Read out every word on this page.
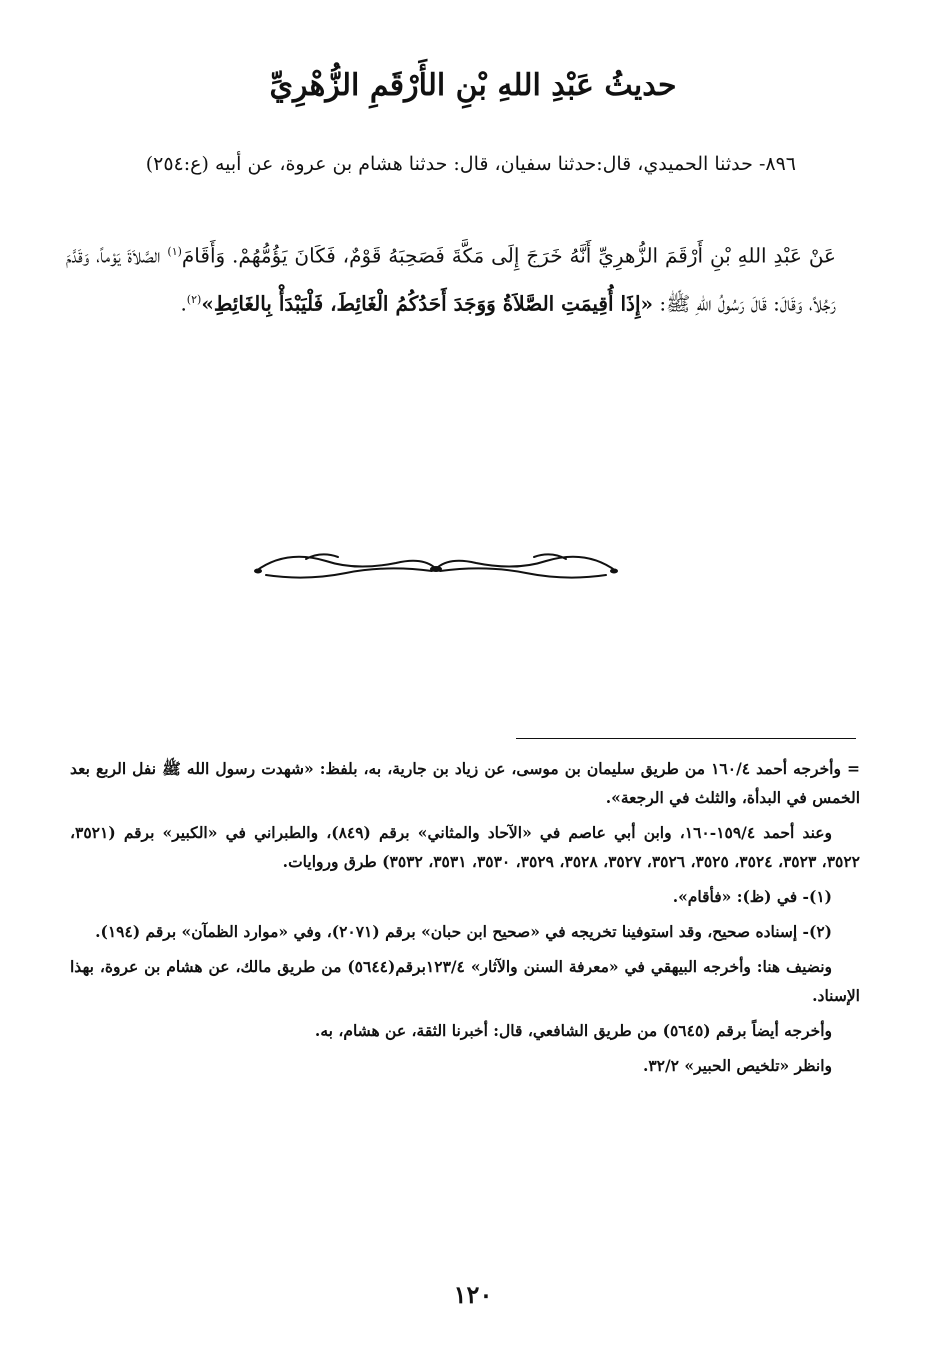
حديثُ عَبْدِ اللهِ بْنِ الأَرْقَمِ الزُّهْرِيِّ
٨٩٦- حدثنا الحميدي، قال:حدثنا سفيان، قال: حدثنا هشام بن عروة، عن أبيه (ع:٢٥٤)
عَنْ عَبْدِ اللهِ بْنِ أَرْقَمَ الزُّهرِيِّ أَنَّهُ خَرَجَ إِلَى مَكَّةَ فَصَحِبَهُ قَوْمٌ، فَكَانَ يَؤُمُّهُمْ. وَأَقَامَ$^{(١)}$ الصَّلاَةَ يَوْماً، وَقَدَّمَ رَجُلاً، وَقَالَ: قَالَ رَسُولُ اللهِ ﷺ: «إِذَا أُقِيمَتِ الصَّلاَةُ وَوَجَدَ أَحَدُكُمُ الْغَائِطَ، فَلْيَبْدَأْ بِالغَائِطِ»$^{(٢)}$.

= وأخرجه أحمد ١٦٠/٤ من طريق سليمان بن موسى، عن زياد بن جارية، به، بلفظ: «شهدت رسول الله ﷺ نفل الربع بعد الخمس في البدأة، والثلث في الرجعة».

وعند أحمد ١٥٩/٤-١٦٠، وابن أبي عاصم في «الآحاد والمثاني» برقم (٨٤٩)، والطبراني في «الكبير» برقم (٣٥٢١، ٣٥٢٢، ٣٥٢٣، ٣٥٢٤، ٣٥٢٥، ٣٥٢٦، ٣٥٢٧، ٣٥٢٨، ٣٥٢٩، ٣٥٣٠، ٣٥٣١، ٣٥٣٢) طرق وروايات.

(١)- في (ظ): «فأقام».

(٢)- إسناده صحيح، وقد استوفينا تخريجه في «صحيح ابن حبان» برقم (٢٠٧١)، وفي «موارد الظمآن» برقم (١٩٤).

ونضيف هنا: وأخرجه البيهقي في «معرفة السنن والآثار» ١٢٣/٤برقم(٥٦٤٤) من طريق مالك، عن هشام بن عروة، بهذا الإسناد.

وأخرجه أيضاً برقم (٥٦٤٥) من طريق الشافعي، قال: أخبرنا الثقة، عن هشام، به.

وانظر «تلخيص الحبير» ٣٢/٢.

١٢٠
